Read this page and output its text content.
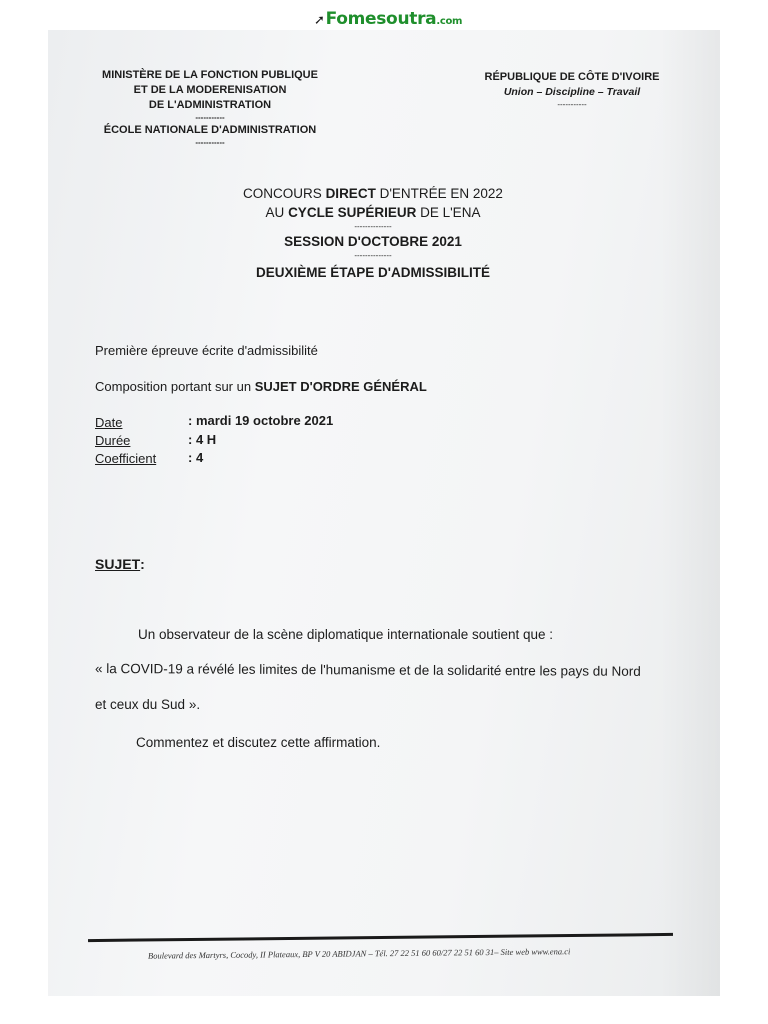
➚Fomesoutra.com
MINISTÈRE DE LA FONCTION PUBLIQUE
ET DE LA MODERENISATION
DE L'ADMINISTRATION
-----------
ÉCOLE NATIONALE D'ADMINISTRATION
-----------
RÉPUBLIQUE DE CÔTE D'IVOIRE
Union – Discipline – Travail
-----------
CONCOURS DIRECT D'ENTRÉE EN 2022
AU CYCLE SUPÉRIEUR DE L'ENA
--------------
SESSION D'OCTOBRE 2021
--------------
DEUXIÈME ÉTAPE D'ADMISSIBILITÉ
Première épreuve écrite d'admissibilité
Composition portant sur un SUJET D'ORDRE GÉNÉRAL
Date	: mardi 19 octobre 2021
Durée	: 4 H
Coefficient : 4
SUJET:
Un observateur de la scène diplomatique internationale soutient que :
« la COVID-19 a révélé les limites de l'humanisme et de la solidarité entre les pays du Nord
et ceux du Sud ».
Commentez et discutez cette affirmation.
Boulevard des Martyrs, Cocody, II Plateaux, BP V 20 ABIDJAN – Tél. 27 22 51 60 60/27 22 51 60 31– Site web www.ena.ci
